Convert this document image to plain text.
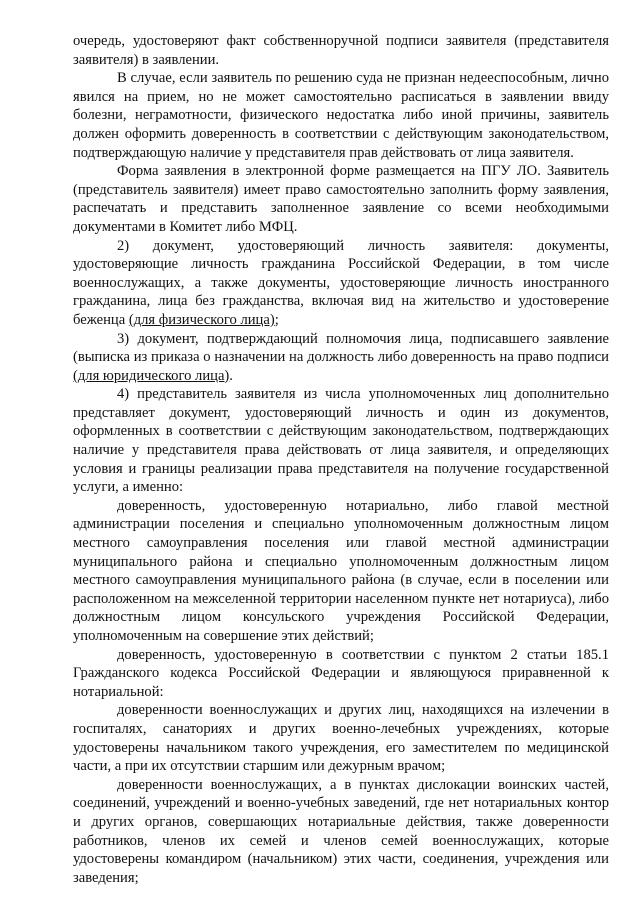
очередь, удостоверяют факт собственноручной подписи заявителя (представителя заявителя) в заявлении.

В случае, если заявитель по решению суда не признан недееспособным, лично явился на прием, но не может самостоятельно расписаться в заявлении ввиду болезни, неграмотности, физического недостатка либо иной причины, заявитель должен оформить доверенность в соответствии с действующим законодательством, подтверждающую наличие у представителя прав действовать от лица заявителя.

Форма заявления в электронной форме размещается на ПГУ ЛО. Заявитель (представитель заявителя) имеет право самостоятельно заполнить форму заявления, распечатать и представить заполненное заявление со всеми необходимыми документами в Комитет либо МФЦ.

2) документ, удостоверяющий личность заявителя: документы, удостоверяющие личность гражданина Российской Федерации, в том числе военнослужащих, а также документы, удостоверяющие личность иностранного гражданина, лица без гражданства, включая вид на жительство и удостоверение беженца (для физического лица);

3) документ, подтверждающий полномочия лица, подписавшего заявление (выписка из приказа о назначении на должность либо доверенность на право подписи (для юридического лица).

4) представитель заявителя из числа уполномоченных лиц дополнительно представляет документ, удостоверяющий личность и один из документов, оформленных в соответствии с действующим законодательством, подтверждающих наличие у представителя права действовать от лица заявителя, и определяющих условия и границы реализации права представителя на получение государственной услуги, а именно:

доверенность, удостоверенную нотариально, либо главой местной администрации поселения и специально уполномоченным должностным лицом местного самоуправления поселения или главой местной администрации муниципального района и специально уполномоченным должностным лицом местного самоуправления муниципального района (в случае, если в поселении или расположенном на межселенной территории населенном пункте нет нотариуса), либо должностным лицом консульского учреждения Российской Федерации, уполномоченным на совершение этих действий;

доверенность, удостоверенную в соответствии с пунктом 2 статьи 185.1 Гражданского кодекса Российской Федерации и являющуюся приравненной к нотариальной:

доверенности военнослужащих и других лиц, находящихся на излечении в госпиталях, санаториях и других военно-лечебных учреждениях, которые удостоверены начальником такого учреждения, его заместителем по медицинской части, а при их отсутствии старшим или дежурным врачом;

доверенности военнослужащих, а в пунктах дислокации воинских частей, соединений, учреждений и военно-учебных заведений, где нет нотариальных контор и других органов, совершающих нотариальные действия, также доверенности работников, членов их семей и членов семей военнослужащих, которые удостоверены командиром (начальником) этих части, соединения, учреждения или заведения;
